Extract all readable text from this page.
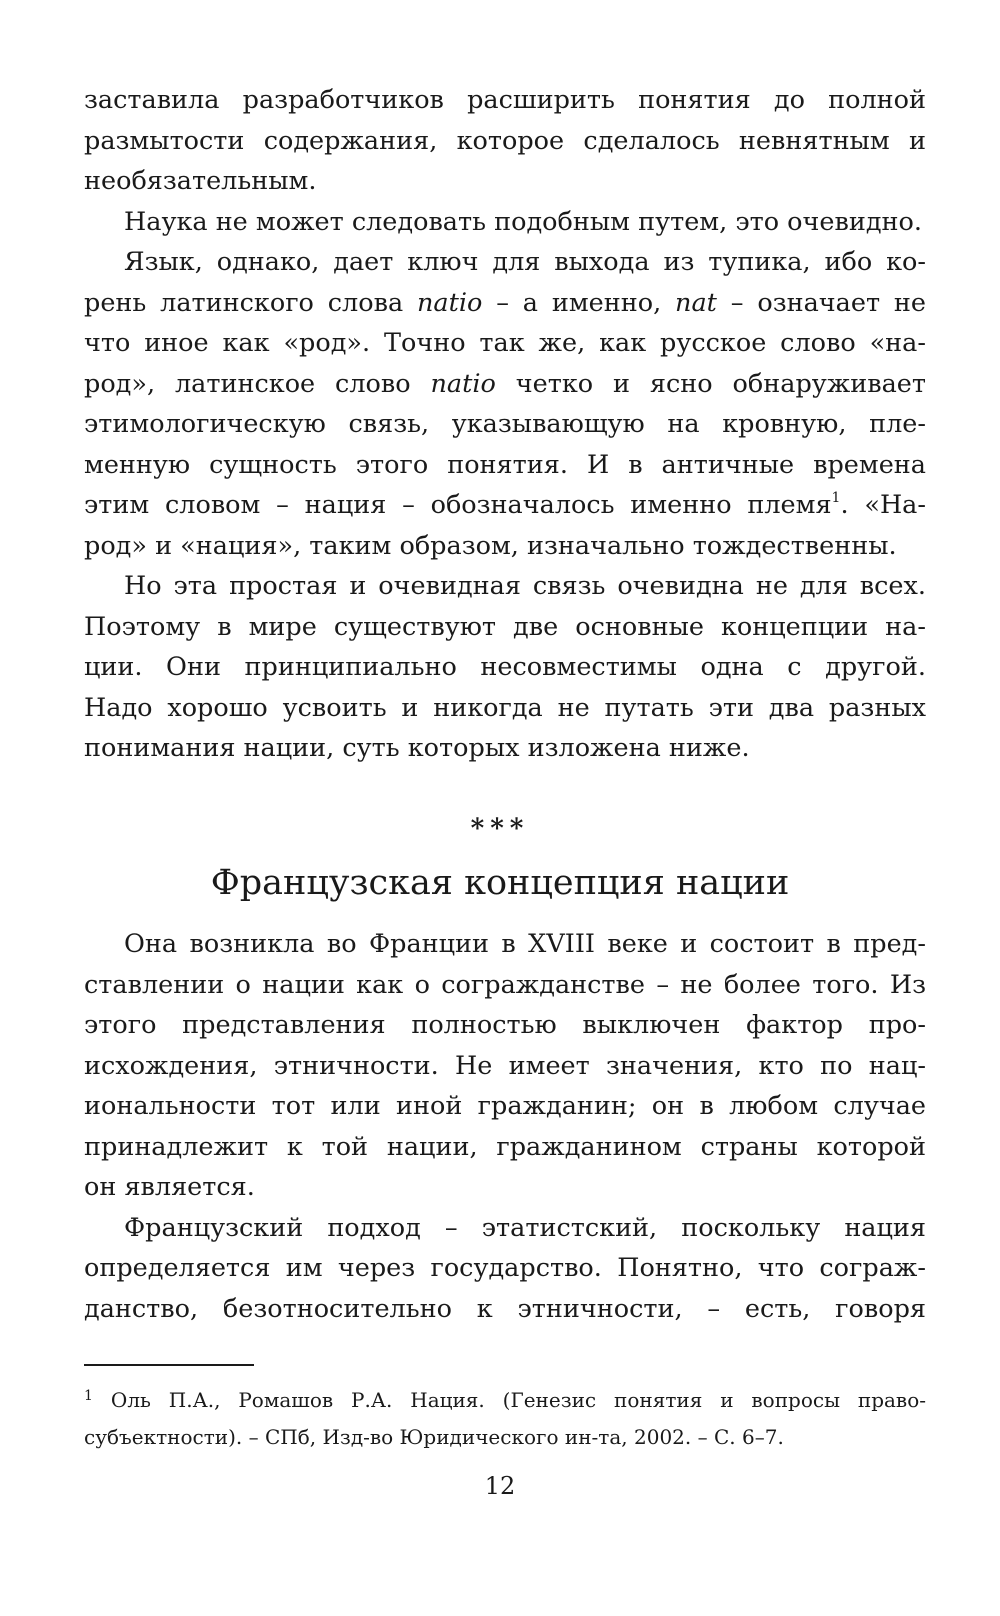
заставила разработчиков расширить понятия до полной
размытости содержания, которое сделалось невнятным и
необязательным.

Наука не может следовать подобным путем, это очевидно.

Язык, однако, дает ключ для выхода из тупика, ибо ко-
рень латинского слова natio – а именно, nat – означает не
что иное как «род». Точно так же, как русское слово «на-
род», латинское слово natio четко и ясно обнаруживает
этимологическую связь, указывающую на кровную, пле-
менную сущность этого понятия. И в античные времена
этим словом – нация – обозначалось именно племя$^1$. «На-
род» и «нация», таким образом, изначально тождественны.

Но эта простая и очевидная связь очевидна не для всех.
Поэтому в мире существуют две основные концепции на-
ции. Они принципиально несовместимы одна с другой.
Надо хорошо усвоить и никогда не путать эти два разных
понимания нации, суть которых изложена ниже.

***
Французская концепция нации

Она возникла во Франции в XVIII веке и состоит в пред-
ставлении о нации как о согражданстве – не более того. Из
этого представления полностью выключен фактор про-
исхождения, этничности. Не имеет значения, кто по нац-
иональности тот или иной гражданин; он в любом случае
принадлежит к той нации, гражданином страны которой
он является.

Французский подход – этатистский, поскольку нация
определяется им через государство. Понятно, что сограж-
данство, безотносительно к этничности, – есть, говоря

$^1$ Оль П.А., Ромашов Р.А. Нация. (Генезис понятия и вопросы право-
субъектности). – СПб, Изд-во Юридического ин-та, 2002. – С. 6–7.
12
